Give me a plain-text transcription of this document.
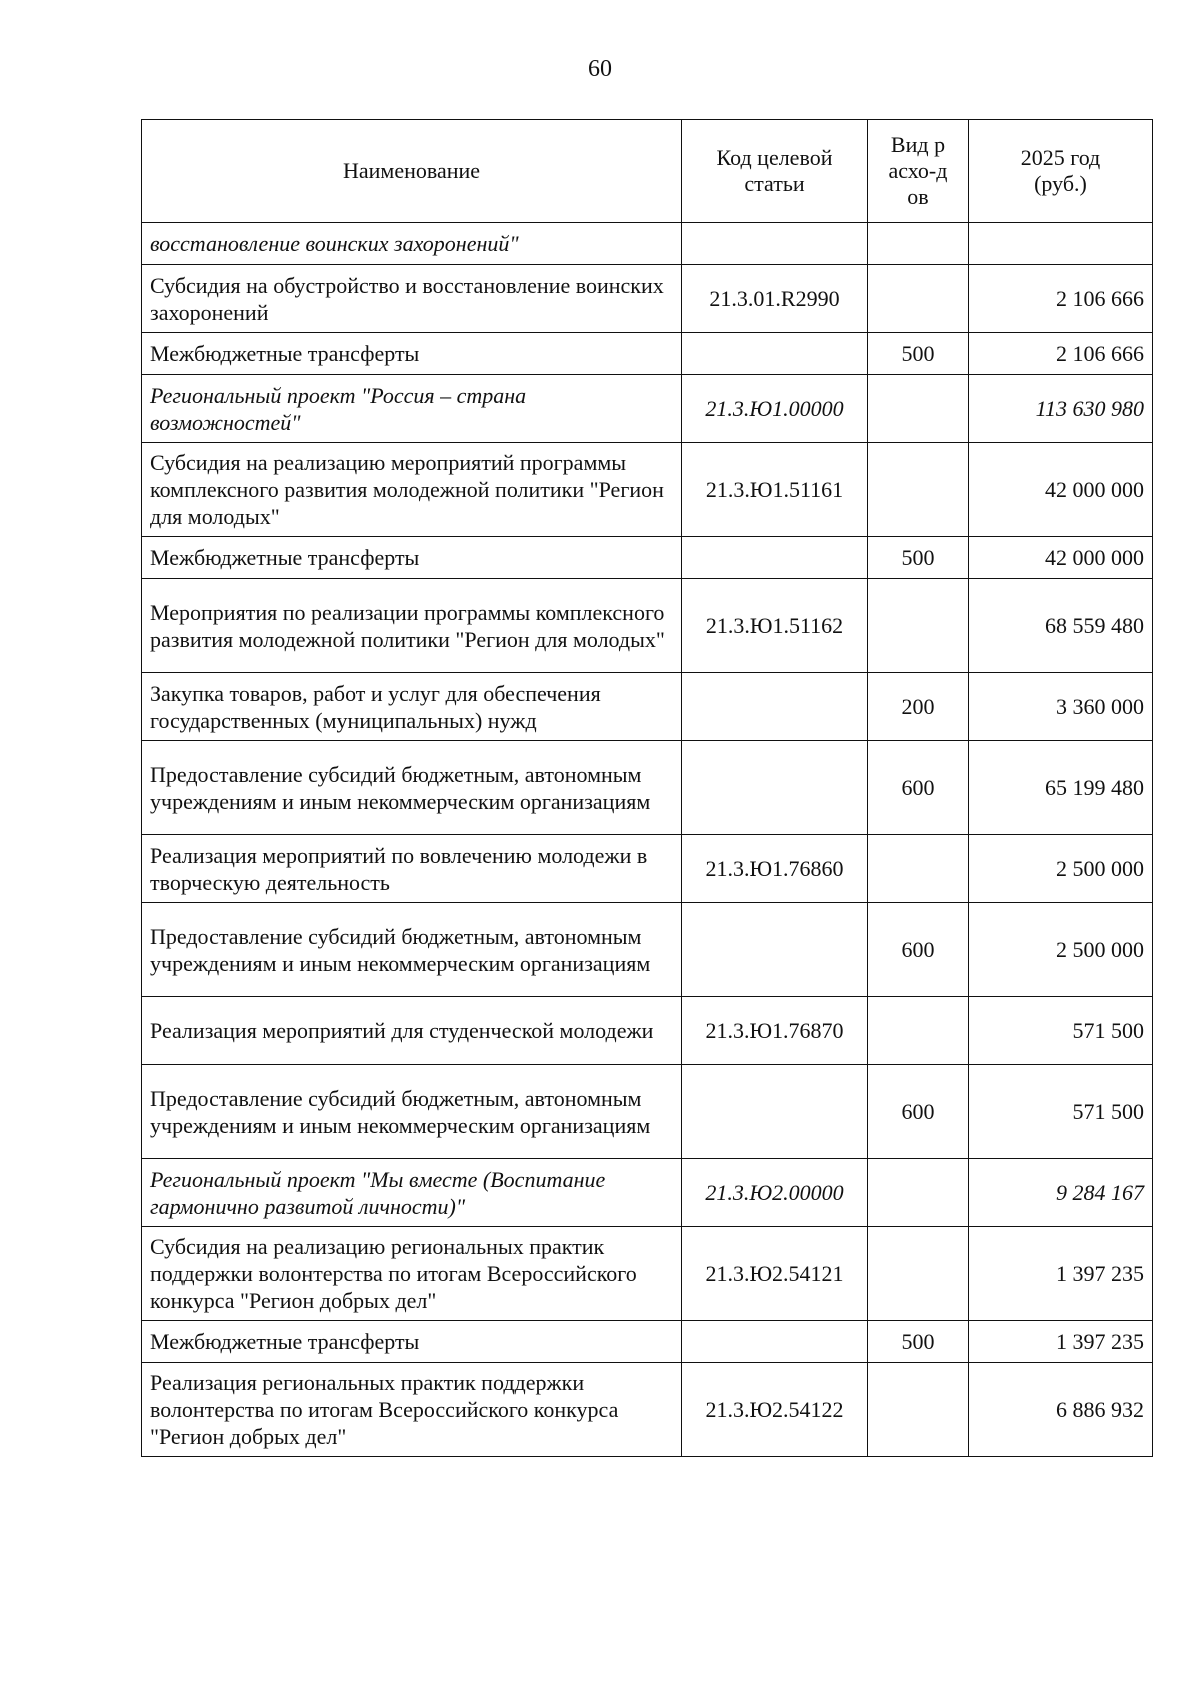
60
Наименование	Код целевой статьи	Вид расхо-дов	2025 год (руб.)
восстановление воинских захоронений"			
Субсидия на обустройство и восстановление воинских захоронений	21.3.01.R2990		2 106 666
Межбюджетные трансферты		500	2 106 666
Региональный проект "Россия – страна возможностей"	21.3.Ю1.00000		113 630 980
Субсидия на реализацию мероприятий программы комплексного развития молодежной политики "Регион для молодых"	21.3.Ю1.51161		42 000 000
Межбюджетные трансферты		500	42 000 000
Мероприятия по реализации программы комплексного развития молодежной политики "Регион для молодых"	21.3.Ю1.51162		68 559 480
Закупка товаров, работ и услуг для обеспечения государственных (муниципальных) нужд		200	3 360 000
Предоставление субсидий бюджетным, автономным учреждениям и иным некоммерческим организациям		600	65 199 480
Реализация мероприятий по вовлечению молодежи в творческую деятельность	21.3.Ю1.76860		2 500 000
Предоставление субсидий бюджетным, автономным учреждениям и иным некоммерческим организациям		600	2 500 000
Реализация мероприятий для студенческой молодежи	21.3.Ю1.76870		571 500
Предоставление субсидий бюджетным, автономным учреждениям и иным некоммерческим организациям		600	571 500
Региональный проект "Мы вместе (Воспитание гармонично развитой личности)"	21.3.Ю2.00000		9 284 167
Субсидия на реализацию региональных практик поддержки волонтерства по итогам Всероссийского конкурса "Регион добрых дел"	21.3.Ю2.54121		1 397 235
Межбюджетные трансферты		500	1 397 235
Реализация региональных практик поддержки волонтерства по итогам Всероссийского конкурса "Регион добрых дел"	21.3.Ю2.54122		6 886 932
